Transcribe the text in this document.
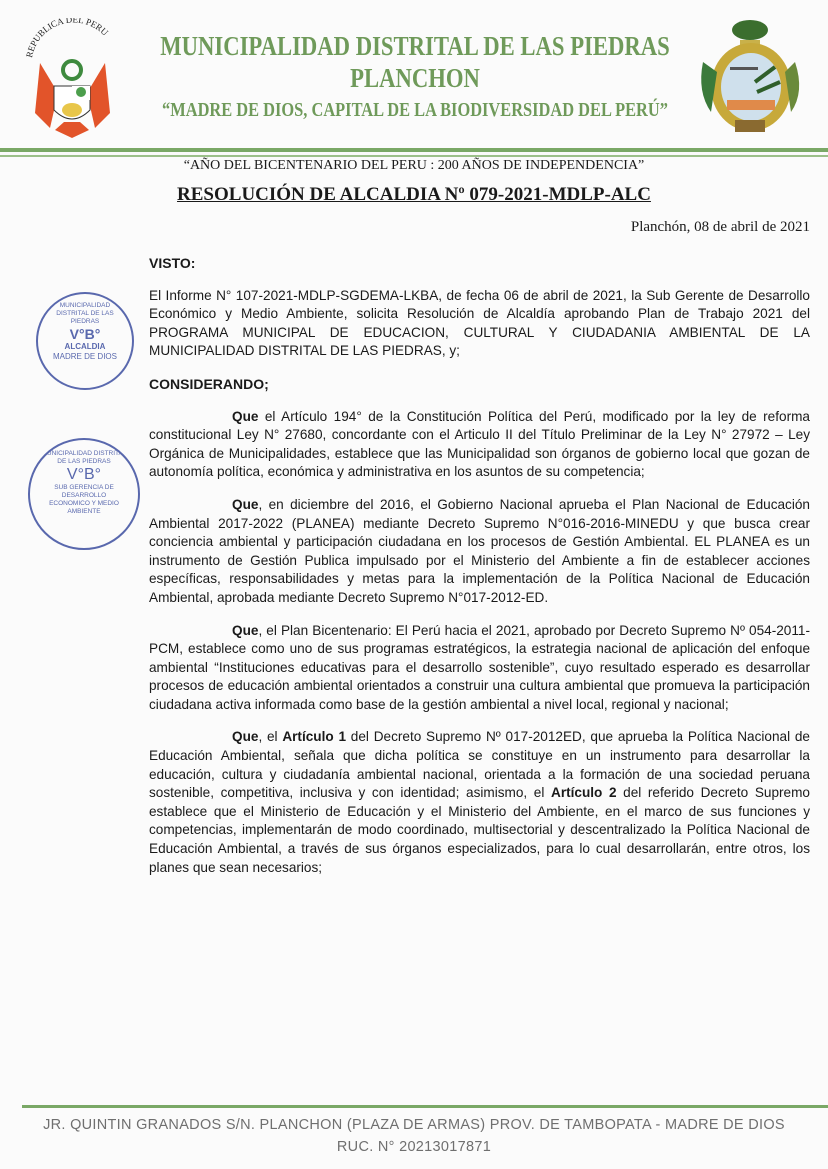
REPUBLICA DEL PERU	MUNICIPALIDAD DISTRITAL DE LAS PIEDRAS
PLANCHON
“MADRE DE DIOS, CAPITAL DE LA BIODIVERSIDAD DEL PERÚ”
“AÑO DEL BICENTENARIO DEL PERU : 200 AÑOS DE INDEPENDENCIA”
RESOLUCIÓN DE ALCALDIA Nº 079-2021-MDLP-ALC
Planchón, 08 de abril de 2021
MUNICIPALIDAD DISTRITAL DE LAS PIEDRAS
V°B°
ALCALDIA
MADRE DE DIOS
MUNICIPALIDAD DISTRITAL DE LAS PIEDRAS
V°B°
SUB GERENCIA DE DESARROLLO ECONOMICO Y MEDIO AMBIENTE
VISTO:
El Informe N° 107-2021-MDLP-SGDEMA-LKBA, de fecha 06 de abril de 2021, la Sub Gerente de Desarrollo Económico y Medio Ambiente, solicita Resolución de Alcaldía aprobando Plan de Trabajo 2021 del PROGRAMA MUNICIPAL DE EDUCACION, CULTURAL Y CIUDADANIA AMBIENTAL DE LA MUNICIPALIDAD DISTRITAL DE LAS PIEDRAS, y;
CONSIDERANDO;
Que el Artículo 194° de la Constitución Política del Perú, modificado por la ley de reforma constitucional Ley N° 27680, concordante con el Articulo II del Título Preliminar de la Ley N° 27972 – Ley Orgánica de Municipalidades, establece que las Municipalidad son órganos de gobierno local que gozan de autonomía política, económica y administrativa en los asuntos de su competencia;
Que, en diciembre del 2016, el Gobierno Nacional aprueba el Plan Nacional de Educación Ambiental 2017-2022 (PLANEA) mediante Decreto Supremo N°016-2016-MINEDU y que busca crear conciencia ambiental y participación ciudadana en los procesos de Gestión Ambiental. EL PLANEA es un instrumento de Gestión Publica impulsado por el Ministerio del Ambiente a fin de establecer acciones específicas, responsabilidades y metas para la implementación de la Política Nacional de Educación Ambiental, aprobada mediante Decreto Supremo N°017-2012-ED.
Que, el Plan Bicentenario: El Perú hacia el 2021, aprobado por Decreto Supremo Nº 054-2011-PCM, establece como uno de sus programas estratégicos, la estrategia nacional de aplicación del enfoque ambiental “Instituciones educativas para el desarrollo sostenible”, cuyo resultado esperado es desarrollar procesos de educación ambiental orientados a construir una cultura ambiental que promueva la participación ciudadana activa informada como base de la gestión ambiental a nivel local, regional y nacional;
Que, el Artículo 1 del Decreto Supremo Nº 017-2012ED, que aprueba la Política Nacional de Educación Ambiental, señala que dicha política se constituye en un instrumento para desarrollar la educación, cultura y ciudadanía ambiental nacional, orientada a la formación de una sociedad peruana sostenible, competitiva, inclusiva y con identidad; asimismo, el Artículo 2 del referido Decreto Supremo establece que el Ministerio de Educación y el Ministerio del Ambiente, en el marco de sus funciones y competencias, implementarán de modo coordinado, multisectorial y descentralizado la Política Nacional de Educación Ambiental, a través de sus órganos especializados, para lo cual desarrollarán, entre otros, los planes que sean necesarios;
JR. QUINTIN GRANADOS S/N. PLANCHON (PLAZA DE ARMAS) PROV. DE TAMBOPATA - MADRE DE DIOS
RUC. N° 20213017871
